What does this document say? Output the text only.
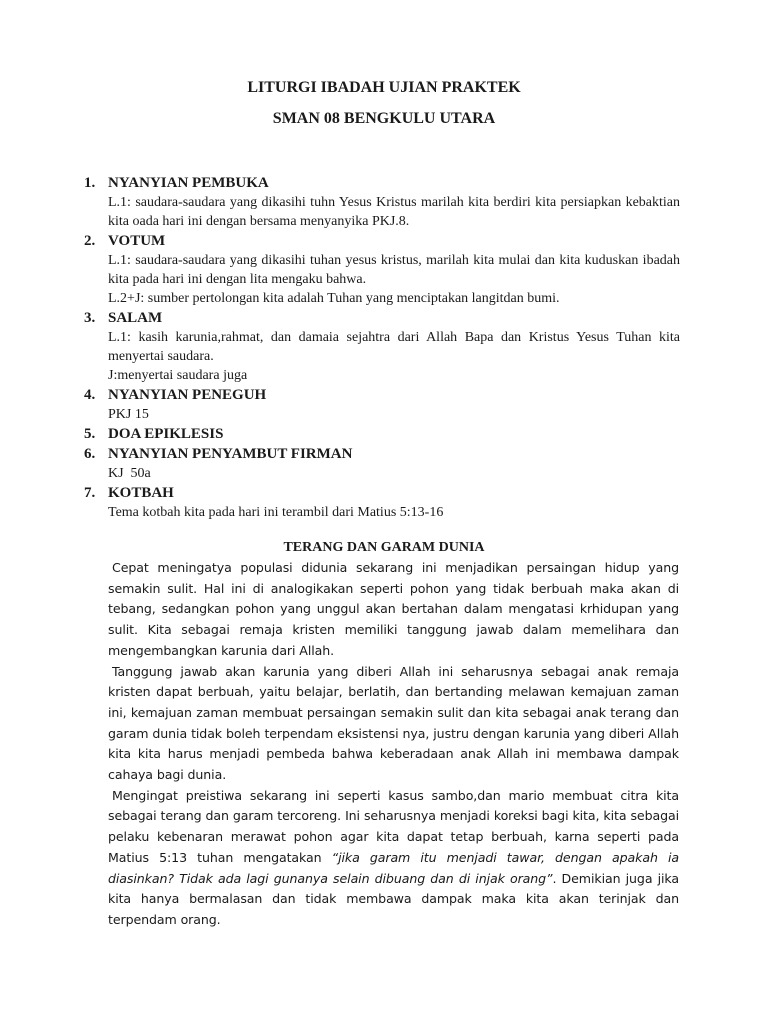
LITURGI IBADAH UJIAN PRAKTEK
SMAN 08 BENGKULU UTARA
1. NYANYIAN PEMBUKA

L.1: saudara-saudara yang dikasihi tuhn Yesus Kristus marilah kita berdiri kita persiapkan kebaktian kita oada hari ini dengan bersama menyanyika PKJ.8.

2. VOTUM

L.1: saudara-saudara yang dikasihi tuhan yesus kristus, marilah kita mulai dan kita kuduskan ibadah kita pada hari ini dengan lita mengaku bahwa.

L.2+J: sumber pertolongan kita adalah Tuhan yang menciptakan langitdan bumi.

3. SALAM

L.1: kasih karunia,rahmat, dan damaia sejahtra dari Allah Bapa dan Kristus Yesus Tuhan kita menyertai saudara.

J:menyertai saudara juga

4. NYANYIAN PENEGUH

PKJ 15

5. DOA EPIKLESIS
6. NYANYIAN PENYAMBUT FIRMAN

KJ  50a

7. KOTBAH

Tema kotbah kita pada hari ini terambil dari Matius 5:13-16

TERANG DAN GARAM DUNIA

Cepat meningatya populasi didunia sekarang ini menjadikan persaingan hidup yang semakin sulit. Hal ini di analogikakan seperti pohon yang tidak berbuah maka akan di tebang, sedangkan pohon yang unggul akan bertahan dalam mengatasi krhidupan yang sulit. Kita sebagai remaja kristen memiliki tanggung jawab dalam memelihara dan mengembangkan karunia dari Allah.

Tanggung jawab akan karunia yang diberi Allah ini seharusnya sebagai anak remaja kristen dapat berbuah, yaitu belajar, berlatih, dan bertanding melawan kemajuan zaman ini, kemajuan zaman membuat persaingan semakin sulit dan kita sebagai anak terang dan garam dunia tidak boleh terpendam eksistensi nya, justru dengan karunia yang diberi Allah kita kita harus menjadi pembeda bahwa keberadaan anak Allah ini membawa dampak cahaya bagi dunia.

Mengingat preistiwa sekarang ini seperti kasus sambo,dan mario membuat citra kita sebagai terang dan garam tercoreng. Ini seharusnya menjadi koreksi bagi kita, kita sebagai pelaku kebenaran merawat pohon agar kita dapat tetap berbuah, karna seperti pada Matius 5:13 tuhan mengatakan “jika garam itu menjadi tawar, dengan apakah ia diasinkan? Tidak ada lagi gunanya selain dibuang dan di injak orang”. Demikian juga jika kita hanya bermalasan dan tidak membawa dampak maka kita akan terinjak dan terpendam orang.
